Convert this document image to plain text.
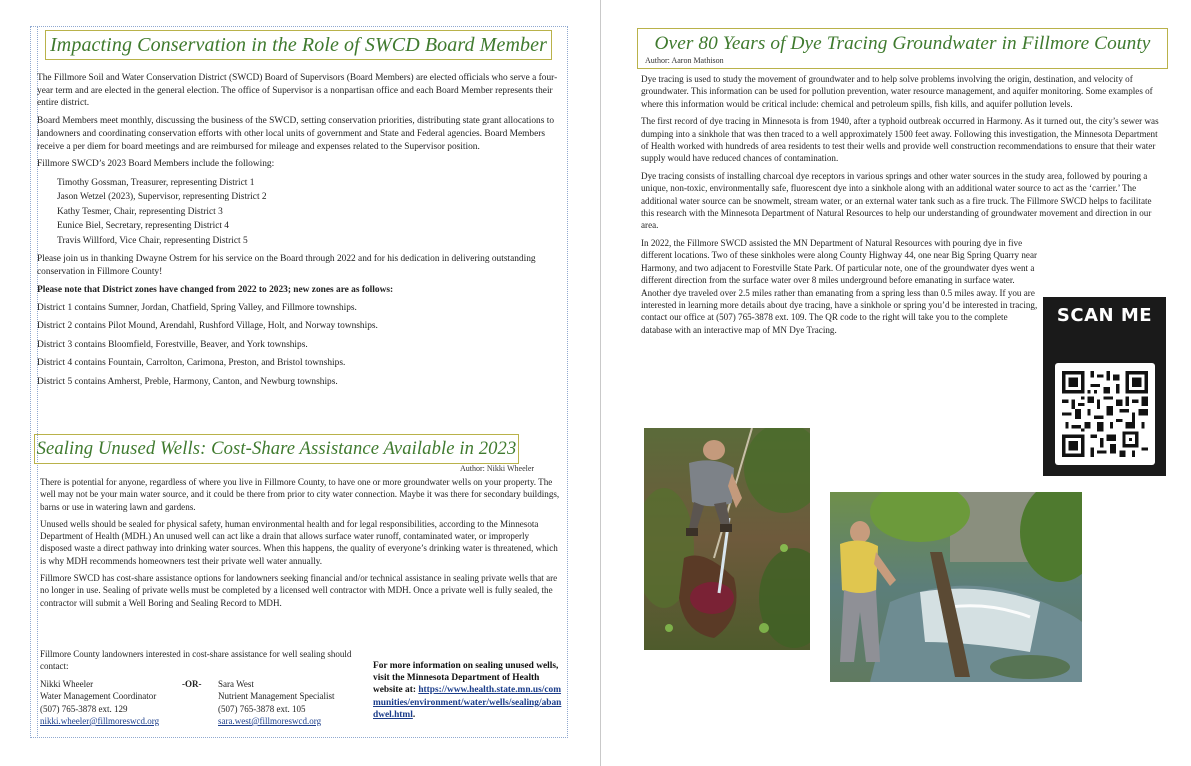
Impacting Conservation in the Role of SWCD Board Member

The Fillmore Soil and Water Conservation District (SWCD) Board of Supervisors (Board Members) are elected officials who serve a four-year term and are elected in the general election. The office of Supervisor is a nonpartisan office and each Board Member represents their entire district.

Board Members meet monthly, discussing the business of the SWCD, setting conservation priorities, distributing state grant allocations to landowners and coordinating conservation efforts with other local units of government and State and Federal agencies. Board Members receive a per diem for board meetings and are reimbursed for mileage and expenses related to the Supervisor position.

Fillmore SWCD’s 2023 Board Members include the following:

Timothy Gossman, Treasurer, representing District 1
Jason Wetzel (2023), Supervisor, representing District 2
Kathy Tesmer, Chair, representing District 3
Eunice Biel, Secretary, representing District 4
Travis Willford, Vice Chair, representing District 5

Please join us in thanking Dwayne Ostrem for his service on the Board through 2022 and for his dedication in delivering outstanding conservation in Fillmore County!

Please note that District zones have changed from 2022 to 2023; new zones are as follows:

District 1 contains Sumner, Jordan, Chatfield, Spring Valley, and Fillmore townships.
District 2 contains Pilot Mound, Arendahl, Rushford Village, Holt, and Norway townships.
District 3 contains Bloomfield, Forestville, Beaver, and York townships.
District 4 contains Fountain, Carrolton, Carimona, Preston, and Bristol townships.
District 5 contains Amherst, Preble, Harmony, Canton, and Newburg townships.
Sealing Unused Wells: Cost-Share Assistance Available in 2023
Author: Nikki Wheeler

There is potential for anyone, regardless of where you live in Fillmore County, to have one or more groundwater wells on your property. The well may not be your main water source, and it could be there from prior to city water connection. Maybe it was there for secondary buildings, barns or use in watering lawn and gardens.

Unused wells should be sealed for physical safety, human environmental health and for legal responsibilities, according to the Minnesota Department of Health (MDH.) An unused well can act like a drain that allows surface water runoff, contaminated water, or improperly disposed waste a direct pathway into drinking water sources. When this happens, the quality of everyone’s drinking water is threatened, which is why MDH recommends homeowners test their private well water annually.

Fillmore SWCD has cost-share assistance options for landowners seeking financial and/or technical assistance in sealing private wells that are no longer in use. Sealing of private wells must be completed by a licensed well contractor with MDH. Once a private well is fully sealed, the contractor will submit a Well Boring and Sealing Record to MDH.

Fillmore County landowners interested in cost-share assistance for well sealing should contact:
Nikki Wheeler
Water Management Coordinator
(507) 765-3878 ext. 129
nikki.wheeler@fillmoreswcd.org
-OR- Sara West
Nutrient Management Specialist
(507) 765-3878 ext. 105
sara.west@fillmoreswcd.org
For more information on sealing unused wells, visit the Minnesota Department of Health website at: https://www.health.state.mn.us/communities/environment/water/wells/sealing/abandwel.html.
Over 80 Years of Dye Tracing Groundwater in Fillmore County
Author: Aaron Mathison

Dye tracing is used to study the movement of groundwater and to help solve problems involving the origin, destination, and velocity of groundwater. This information can be used for pollution prevention, water resource management, and aquifer monitoring. Some examples of where this information would be critical include: chemical and petroleum spills, fish kills, and aquifer pollution levels.

The first record of dye tracing in Minnesota is from 1940, after a typhoid outbreak occurred in Harmony. As it turned out, the city’s sewer was dumping into a sinkhole that was then traced to a well approximately 1500 feet away. Following this investigation, the Minnesota Department of Health worked with hundreds of area residents to test their wells and provide well construction recommendations to ensure that their water supply would have reduced chances of contamination.

Dye tracing consists of installing charcoal dye receptors in various springs and other water sources in the study area, followed by pouring a unique, non-toxic, environmentally safe, fluorescent dye into a sinkhole along with an additional water source to act as the ‘carrier.’ The additional water source can be snowmelt, stream water, or an external water tank such as a fire truck. The Fillmore SWCD helps to facilitate this research with the Minnesota Department of Natural Resources to help our understanding of groundwater movement and direction in our area.

In 2022, the Fillmore SWCD assisted the MN Department of Natural Resources with pouring dye in five different locations. Two of these sinkholes were along County Highway 44, one near Big Spring Quarry near Harmony, and two adjacent to Forestville State Park. Of particular note, one of the groundwater dyes went a different direction from the surface water over 8 miles underground before emanating in surface water. Another dye traveled over 2.5 miles rather than emanating from a spring less than 0.5 miles away. If you are interested in learning more details about dye tracing, have a sinkhole or spring you’d be interested in tracing, contact our office at (507) 765-3878 ext. 109. The QR code to the right will take you to the complete database with an interactive map of MN Dye Tracing.

SCAN ME
